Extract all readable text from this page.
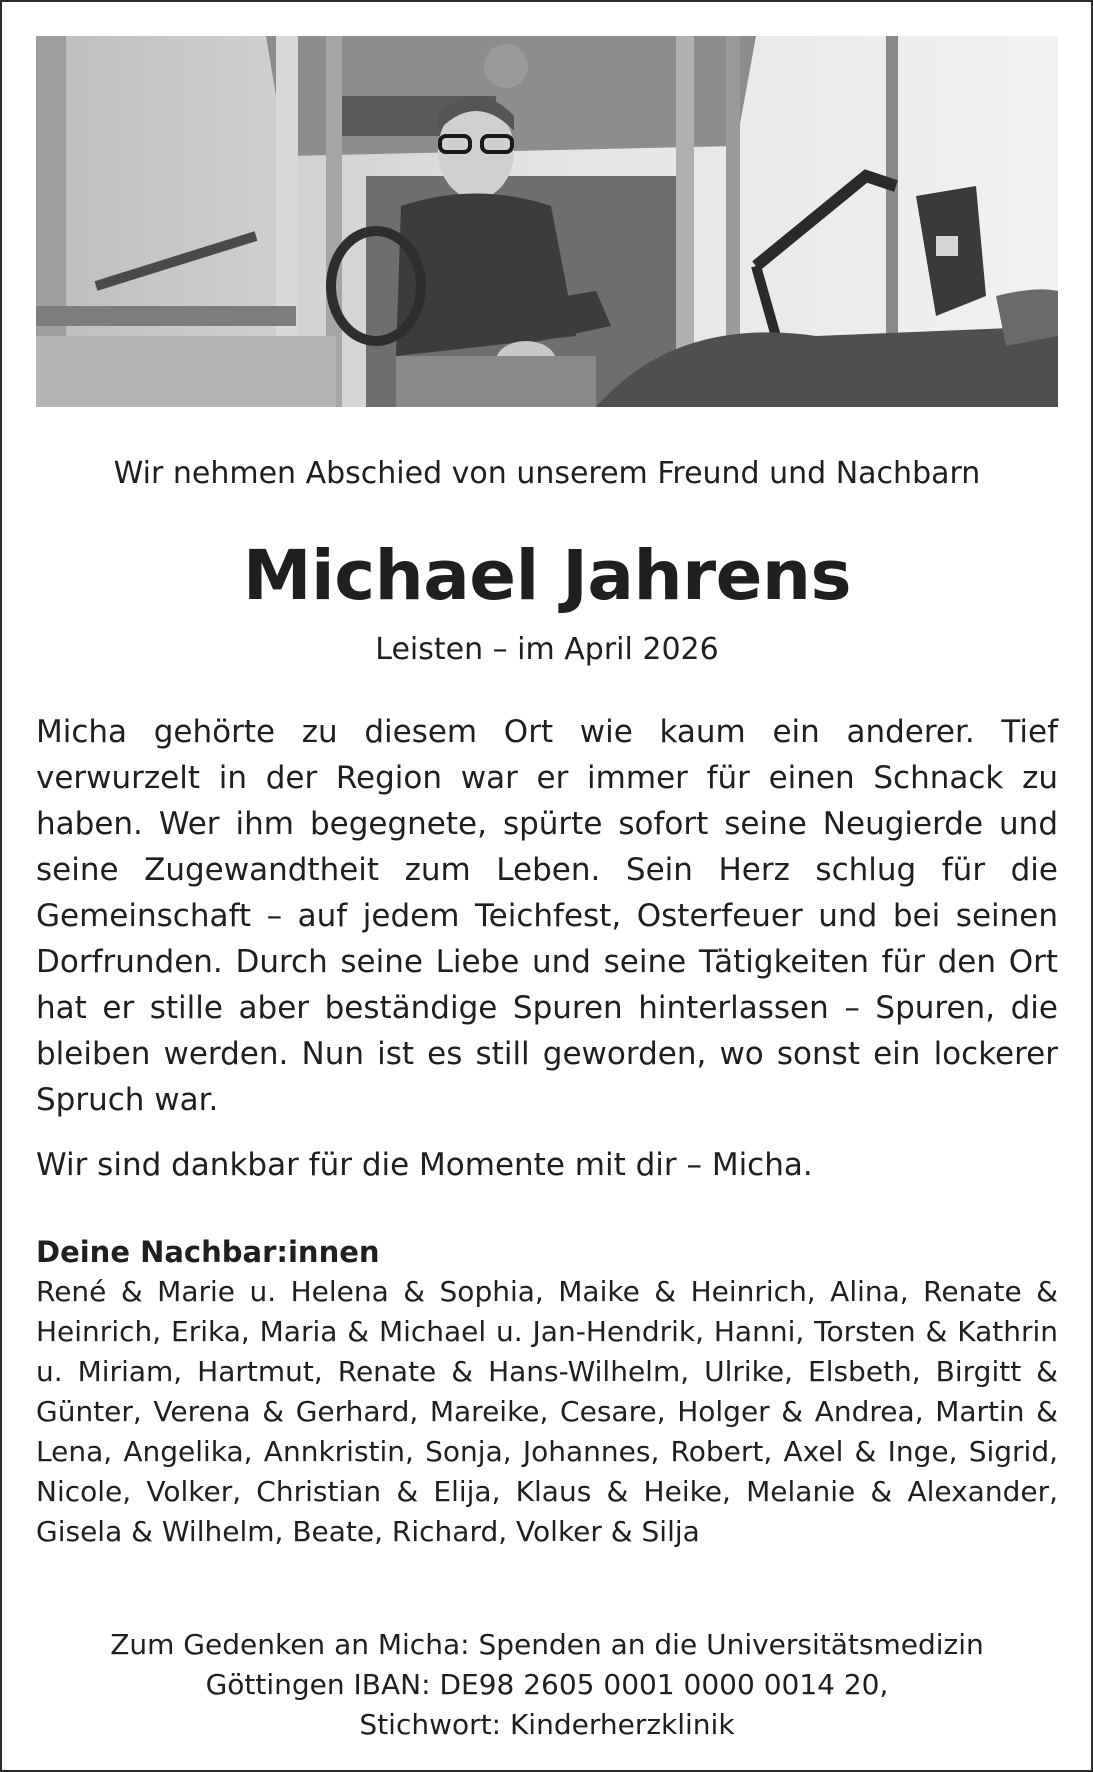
Wir nehmen Abschied von unserem Freund und Nachbarn
Michael Jahrens
Leisten – im April 2026
Micha gehörte zu diesem Ort wie kaum ein anderer. Tief verwurzelt in der Region war er immer für einen Schnack zu haben. Wer ihm begegnete, spürte sofort seine Neugierde und seine Zugewandtheit zum Leben. Sein Herz schlug für die Gemeinschaft – auf jedem Teichfest, Osterfeuer und bei seinen Dorfrunden. Durch seine Liebe und seine Tätigkeiten für den Ort hat er stille aber beständige Spuren hinterlassen – Spuren, die bleiben werden. Nun ist es still geworden, wo sonst ein lockerer Spruch war.
Wir sind dankbar für die Momente mit dir – Micha.
Deine Nachbar:innen
René & Marie u. Helena & Sophia, Maike & Heinrich, Alina, Renate & Heinrich, Erika, Maria & Michael u. Jan-Hendrik, Hanni, Torsten & Kathrin u. Miriam, Hartmut, Renate & Hans-Wilhelm, Ulrike, Elsbeth, Birgitt & Günter, Verena & Gerhard, Mareike, Cesare, Holger & Andrea, Martin & Lena, Angelika, Annkristin, Sonja, Johannes, Robert, Axel & Inge, Sigrid, Nicole, Volker, Christian & Elija, Klaus & Heike, Melanie & Alexander, Gisela & Wilhelm, Beate, Richard, Volker & Silja
Zum Gedenken an Micha: Spenden an die Universitätsmedizin
Göttingen IBAN: DE98 2605 0001 0000 0014 20,
Stichwort: Kinderherzklinik
